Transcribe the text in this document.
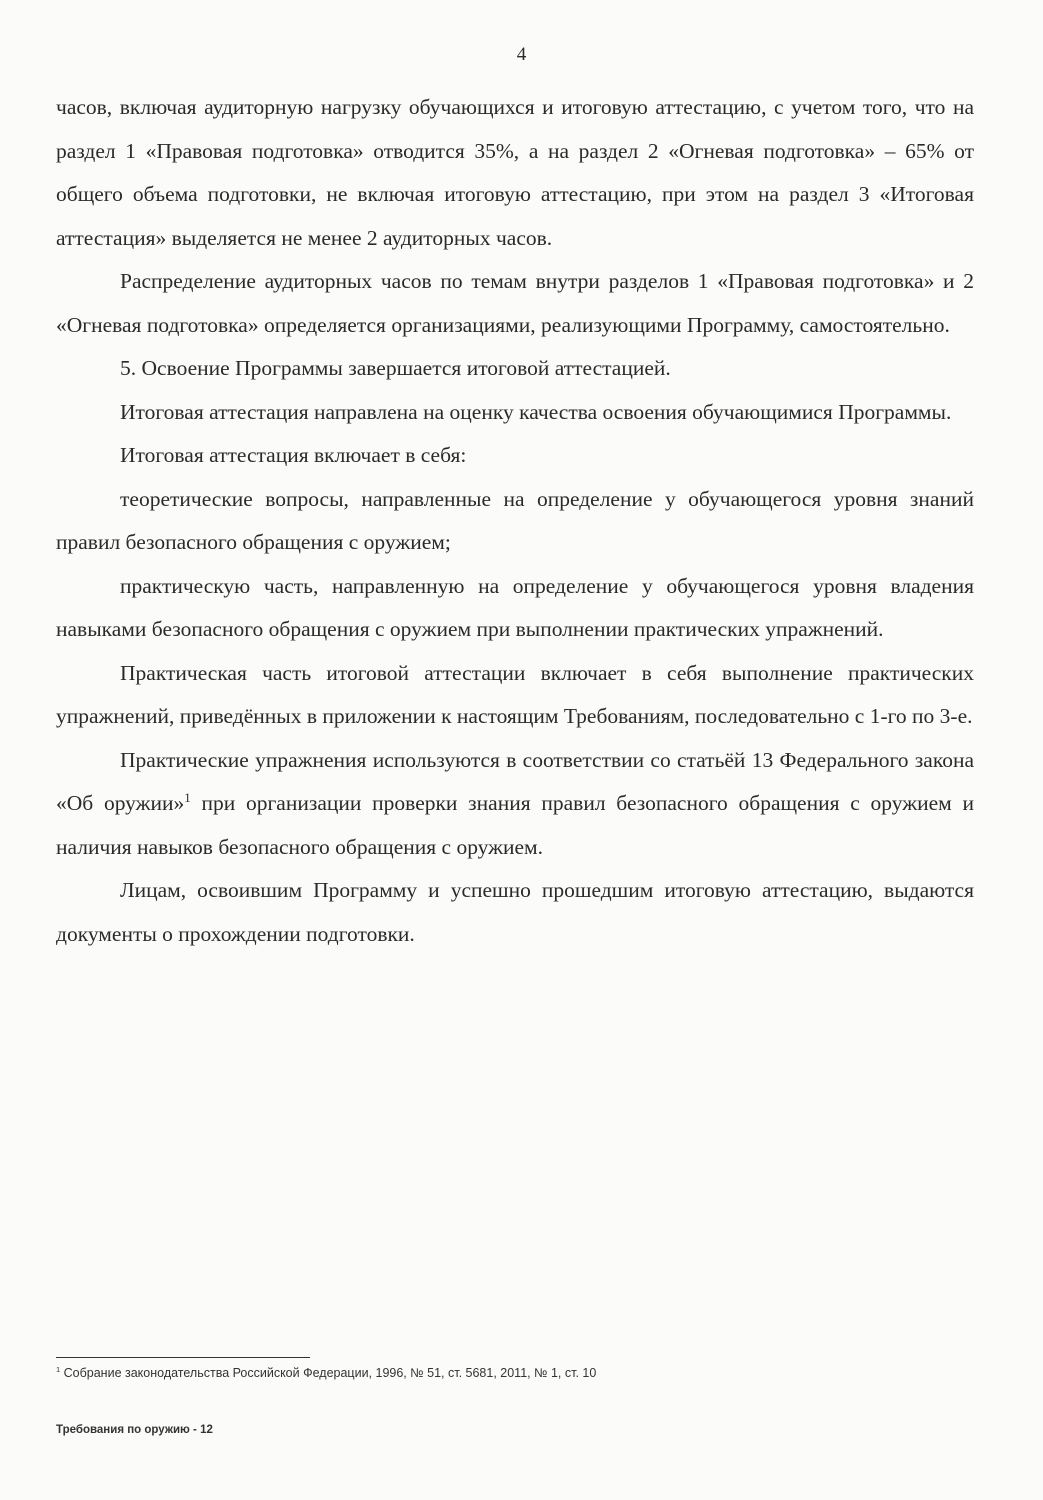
4

часов, включая аудиторную нагрузку обучающихся и итоговую аттестацию, с учетом того, что на раздел 1 «Правовая подготовка» отводится 35%, а на раздел 2 «Огневая подготовка» – 65% от общего объема подготовки, не включая итоговую аттестацию, при этом на раздел 3 «Итоговая аттестация» выделяется не менее 2 аудиторных часов.

Распределение аудиторных часов по темам внутри разделов 1 «Правовая подготовка» и 2 «Огневая подготовка» определяется организациями, реализующими Программу, самостоятельно.

5. Освоение Программы завершается итоговой аттестацией.

Итоговая аттестация направлена на оценку качества освоения обучающимися Программы.

Итоговая аттестация включает в себя:

теоретические вопросы, направленные на определение у обучающегося уровня знаний правил безопасного обращения с оружием;

практическую часть, направленную на определение у обучающегося уровня владения навыками безопасного обращения с оружием при выполнении практических упражнений.

Практическая часть итоговой аттестации включает в себя выполнение практических упражнений, приведённых в приложении к настоящим Требованиям, последовательно с 1-го по 3-е.

Практические упражнения используются в соответствии со статьёй 13 Федерального закона «Об оружии»$^1$ при организации проверки знания правил безопасного обращения с оружием и наличия навыков безопасного обращения с оружием.

Лицам, освоившим Программу и успешно прошедшим итоговую аттестацию, выдаются документы о прохождении подготовки.

$^1$ Собрание законодательства Российской Федерации, 1996, № 51, ст. 5681, 2011, № 1, ст. 10
Требования по оружию - 12
